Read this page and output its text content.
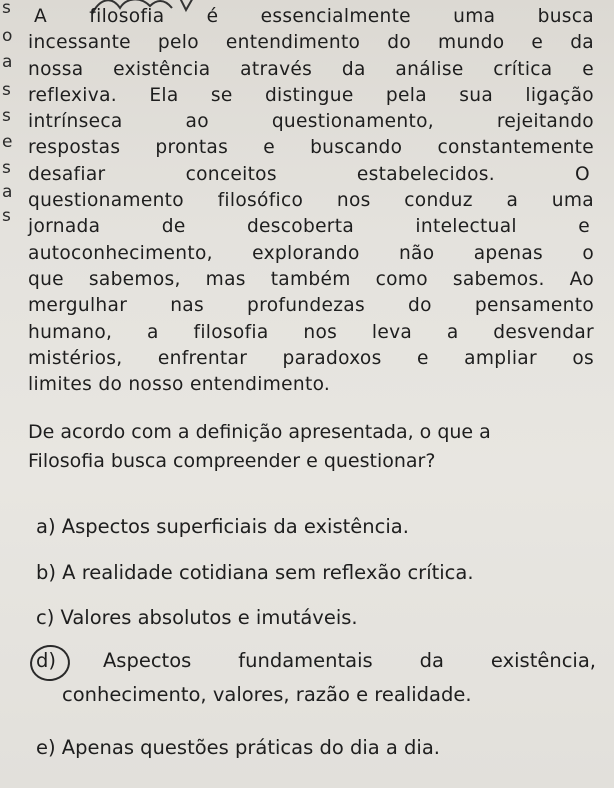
s
o
a
s
s
e
s
a
s
A filosofia é essencialmente uma busca
incessante pelo entendimento do mundo e da
nossa existência através da análise crítica e
reflexiva. Ela se distingue pela sua ligação
intrínseca ao questionamento, rejeitando
respostas prontas e buscando constantemente
desafiar conceitos estabelecidos. O
questionamento filosófico nos conduz a uma
jornada de descoberta intelectual e
autoconhecimento, explorando não apenas o
que sabemos, mas também como sabemos. Ao
mergulhar nas profundezas do pensamento
humano, a filosofia nos leva a desvendar
mistérios, enfrentar paradoxos e ampliar os
limites do nosso entendimento.
De acordo com a definição apresentada, o que a
Filosofia busca compreender e questionar?
a) Aspectos superficiais da existência.
b) A realidade cotidiana sem reflexão crítica.
c) Valores absolutos e imutáveis.
d) Aspectos fundamentais da existência,
conhecimento, valores, razão e realidade.
e) Apenas questões práticas do dia a dia.
